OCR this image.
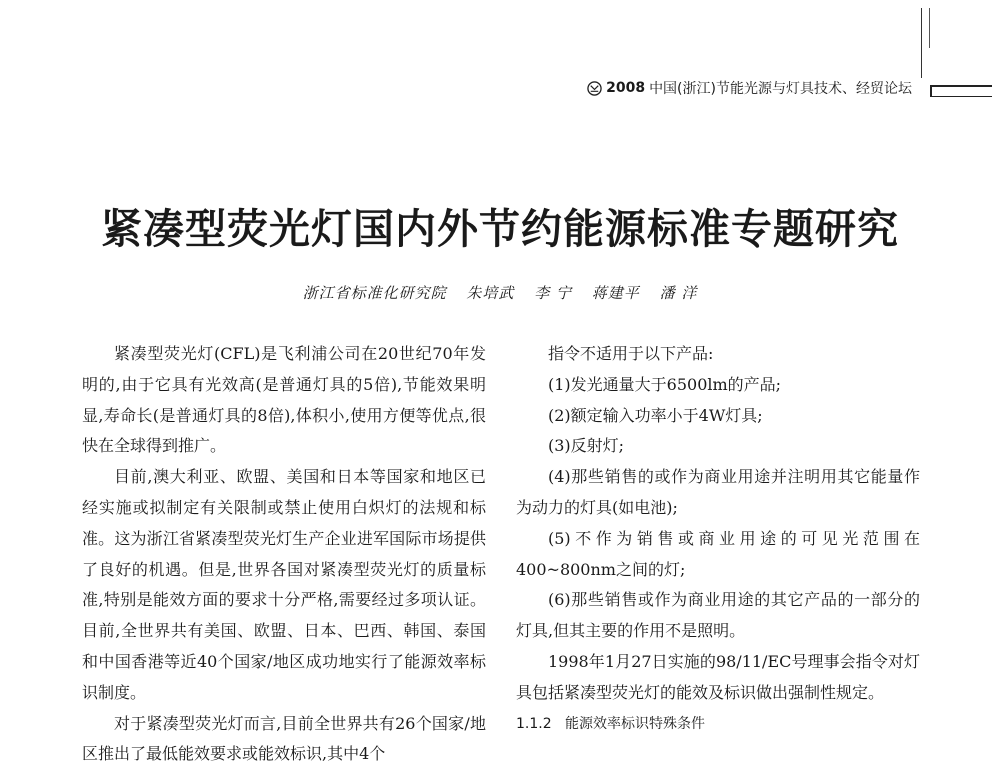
2008 中国(浙江)节能光源与灯具技术、经贸论坛
紧凑型荧光灯国内外节约能源标准专题研究
浙江省标准化研究院 朱培武 李 宁 蒋建平 潘 洋

紧凑型荧光灯(CFL)是飞利浦公司在20世纪70年发明的,由于它具有光效高(是普通灯具的5倍),节能效果明显,寿命长(是普通灯具的8倍),体积小,使用方便等优点,很快在全球得到推广。

目前,澳大利亚、欧盟、美国和日本等国家和地区已经实施或拟制定有关限制或禁止使用白炽灯的法规和标准。这为浙江省紧凑型荧光灯生产企业进军国际市场提供了良好的机遇。但是,世界各国对紧凑型荧光灯的质量标准,特别是能效方面的要求十分严格,需要经过多项认证。目前,全世界共有美国、欧盟、日本、巴西、韩国、泰国和中国香港等近40个国家/地区成功地实行了能源效率标识制度。

对于紧凑型荧光灯而言,目前全世界共有26个国家/地区推出了最低能效要求或能效标识,其中4个

指令不适用于以下产品:

(1)发光通量大于6500lm的产品;

(2)额定输入功率小于4W灯具;

(3)反射灯;

(4)那些销售的或作为商业用途并注明用其它能量作为动力的灯具(如电池);

(5)不作为销售或商业用途的可见光范围在400~800nm之间的灯;

(6)那些销售或作为商业用途的其它产品的一部分的灯具,但其主要的作用不是照明。

1998年1月27日实施的98/11/EC号理事会指令对灯具包括紧凑型荧光灯的能效及标识做出强制性规定。

1.1.2 能源效率标识特殊条件
